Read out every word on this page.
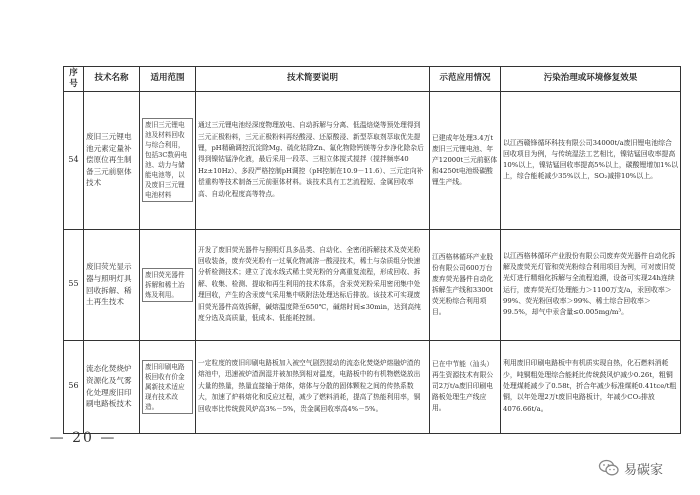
序号	技术名称	适用范围	技术简要说明	示范应用情况	污染治理或环境修复效果
54	废旧三元锂电池元素定量补偿原位再生制备三元前驱体技术	废旧三元锂电池及材料回收与综合利用，包括3C数码电池、动力与储能电池等，以及废旧三元锂电池材料	通过三元锂电池经深度物理放电、自动拆解与分离、低温焙烧等预处理得到三元正极粉料，三元正极粉料再经酸浸、还原酸浸、新型萃取剂萃取优先提锂，pH精确调控沉淀除Mg、硫化钴除Zn、氟化物除钙镁等分步净化除杂后得到镍钴锰净化液，最后采用一段萃、三相立体搅式搅拌（搅拌频率40 Hz±10Hz）、多段严格控制pH调控（pH控制在10.9－11.6）、三元定向补偿重构等技术制备三元前驱体材料。该技术具有工艺流程短、金属回收率高、自动化程度高等特点。	已建成年处理3.4万t废旧三元锂电池、年产12000t三元前驱体和4250t电池级碳酸锂生产线。	以江西赣锋循环科技有限公司34000t/a废旧锂电池综合回收项目为例，与传统湿法工艺相比，镍钴锰回收率提高10%以上，镍钴锰回收率提高5%以上，碳酸锂增加1%以上，综合能耗减少35%以上，SO₂减排10%以上。
55	废旧荧光显示器与照明灯具回收拆解、稀土再生技术	废旧荧光器件拆解和稀土冶炼及利用。	开发了废旧荧光器件与照明灯具多品类、自动化、全密闭拆解技术及荧光粉回收装备，废弃荧光粉有一过氧化物减溶一酸浸技术，稀土与杂质组分快速分析检测技术；建立了流水线式稀土荧光粉的分离重复流程，形成回收、拆解、收集、检测、提取和再生利用的技术体系，含汞荧光粉采用密闭集中处理回收，产生的含汞废气采用集中吸附法处理达标后排放。该技术可实现废旧荧光器件高效拆解，碱熔温度降至650℃，碱熔时间≤30min，达到高纯度分选及高质量，低成本、低能耗控制。	江西格林循环产业股份有限公司600万台废弃荧光器件自动化拆解生产线和3300t荧光粉综合利用项目。	以江西格林循环产业股份有限公司废弃荧光器件自动化拆解及废荧光灯管和荧光粉综合利用项目为例，可对废旧荧光灯进行精细化拆解与全流程追溯，设备可实现24h连续运行，废弃荧光灯处理能力＞1100万支/a，汞回收率＞99%、荧光粉回收率＞99%、稀土综合回收率＞99.5%，却气中汞含量≤0.005mg/m³。
56	流态化焚烧炉资源化及气雾化处理废旧印刷电路板技术	废旧印刷电路板回收有价金属新技术适应现有技术改造。	一定粒度的废旧印刷电路板加入被空气剧烈搅动的流态化焚烧炉熔融炉渣的熔池中，迅速被炉渣润湿并被加热到相对温度，电路板中的有机物燃烧放出大量的热量，热量直接输于熔体，熔体与分散的固体颗粒之间的传热系数大，加速了炉料熔化和反应过程，减少了燃料消耗，提高了热能利用率，铜回收率比传统鼓风炉高3%－5%，贵金属回收率高4%－5%。	已在中节能（汕头）再生资源技术有限公司2万t/a废旧印刷电路板处理生产线应用。	利用废旧印刷电路板中有机质实现自热，化石燃料消耗少，吨铜粗处理综合能耗比传统鼓风炉减少0.26t，粗铜处理煤耗减少了0.58t，折合年减少标准煤耗0.41tce/t粗铜，以年处理2万t废旧电路板计，年减少CO₂排放4076.66t/a。
— 20 —
易碳家
